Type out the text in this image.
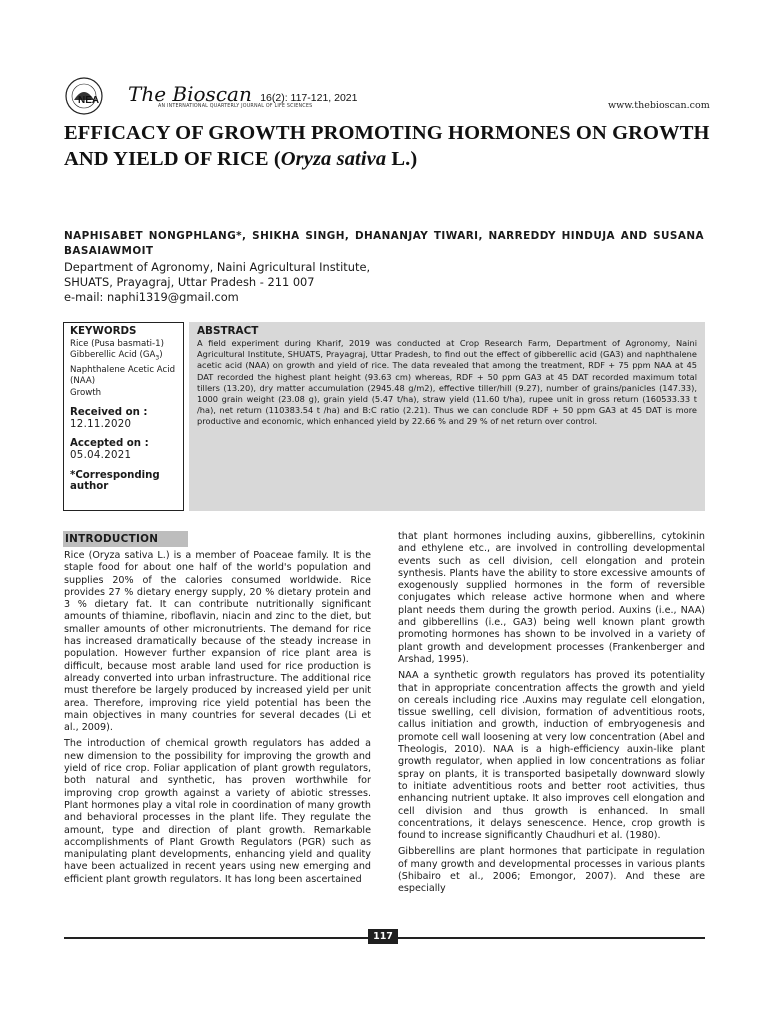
NEA The Bioscan 16(2): 117-121, 2021
AN INTERNATIONAL QUARTERLY JOURNAL OF LIFE SCIENCES	www.thebioscan.com
EFFICACY OF GROWTH PROMOTING HORMONES ON GROWTH AND YIELD OF RICE (Oryza sativa L.)
NAPHISABET NONGPHLANG*, SHIKHA SINGH, DHANANJAY TIWARI, NARREDDY HINDUJA AND SUSANA BASAIAWMOIT
Department of Agronomy, Naini Agricultural Institute,
SHUATS, Prayagraj, Uttar Pradesh - 211 007
e-mail: naphi1319@gmail.com
KEYWORDS
Rice (Pusa basmati-1)
Gibberellic Acid $(GA_3)$
Naphthalene Acetic Acid (NAA)
Growth
Received on :
12.11.2020
Accepted on :
05.04.2021
*Corresponding author
ABSTRACT
A field experiment during Kharif, 2019 was conducted at Crop Research Farm, Department of Agronomy, Naini Agricultural Institute, SHUATS, Prayagraj, Uttar Pradesh, to find out the effect of gibberellic acid (GA3) and naphthalene acetic acid (NAA) on growth and yield of rice. The data revealed that among the treatment, RDF + 75 ppm NAA at 45 DAT recorded the highest plant height (93.63 cm) whereas, RDF + 50 ppm GA3 at 45 DAT recorded maximum total tillers (13.20), dry matter accumulation (2945.48 g/m2), effective tiller/hill (9.27), number of grains/panicles (147.33), 1000 grain weight (23.08 g), grain yield (5.47 t/ha), straw yield (11.60 t/ha), rupee unit in gross return (160533.33 t /ha), net return (110383.54 t /ha) and B:C ratio (2.21). Thus we can conclude RDF + 50 ppm GA3 at 45 DAT is more productive and economic, which enhanced yield by 22.66 % and 29 % of net return over control.
INTRODUCTION

Rice (Oryza sativa L.) is a member of Poaceae family. It is the staple food for about one half of the world's population and supplies 20% of the calories consumed worldwide. Rice provides 27 % dietary energy supply, 20 % dietary protein and 3 % dietary fat. It can contribute nutritionally significant amounts of thiamine, riboflavin, niacin and zinc to the diet, but smaller amounts of other micronutrients. The demand for rice has increased dramatically because of the steady increase in population. However further expansion of rice plant area is difficult, because most arable land used for rice production is already converted into urban infrastructure. The additional rice must therefore be largely produced by increased yield per unit area. Therefore, improving rice yield potential has been the main objectives in many countries for several decades (Li et al., 2009).

The introduction of chemical growth regulators has added a new dimension to the possibility for improving the growth and yield of rice crop. Foliar application of plant growth regulators, both natural and synthetic, has proven worthwhile for improving crop growth against a variety of abiotic stresses. Plant hormones play a vital role in coordination of many growth and behavioral processes in the plant life. They regulate the amount, type and direction of plant growth. Remarkable accomplishments of Plant Growth Regulators (PGR) such as manipulating plant developments, enhancing yield and quality have been actualized in recent years using new emerging and efficient plant growth regulators. It has long been ascertained

that plant hormones including auxins, gibberellins, cytokinin and ethylene etc., are involved in controlling developmental events such as cell division, cell elongation and protein synthesis. Plants have the ability to store excessive amounts of exogenously supplied hormones in the form of reversible conjugates which release active hormone when and where plant needs them during the growth period. Auxins (i.e., NAA) and gibberellins (i.e., GA3) being well known plant growth promoting hormones has shown to be involved in a variety of plant growth and development processes (Frankenberger and Arshad, 1995).

NAA a synthetic growth regulators has proved its potentiality that in appropriate concentration affects the growth and yield on cereals including rice .Auxins may regulate cell elongation, tissue swelling, cell division, formation of adventitious roots, callus initiation and growth, induction of embryogenesis and promote cell wall loosening at very low concentration (Abel and Theologis, 2010). NAA is a high-efficiency auxin-like plant growth regulator, when applied in low concentrations as foliar spray on plants, it is transported basipetally downward slowly to initiate adventitious roots and better root activities, thus enhancing nutrient uptake. It also improves cell elongation and cell division and thus growth is enhanced. In small concentrations, it delays senescence. Hence, crop growth is found to increase significantly Chaudhuri et al. (1980).

Gibberellins are plant hormones that participate in regulation of many growth and developmental processes in various plants (Shibairo et al., 2006; Emongor, 2007). And these are especially

117
